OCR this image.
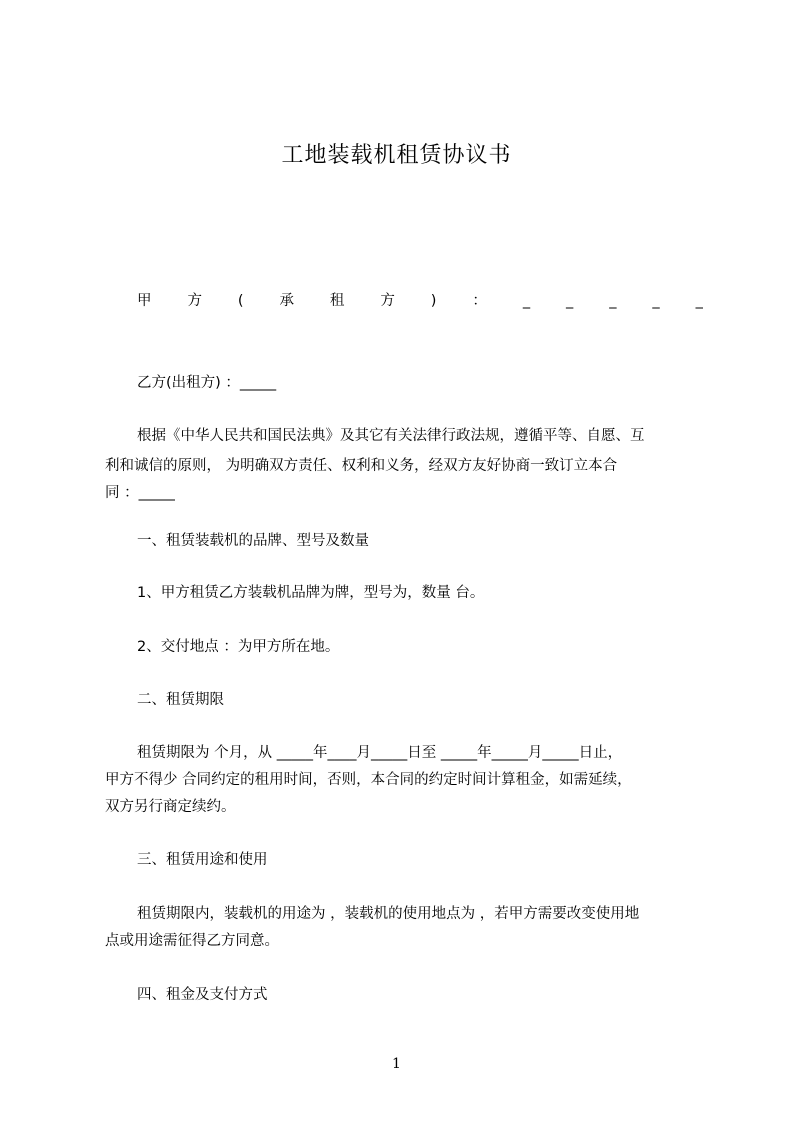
工地装载机租赁协议书
甲 方 ( 承 租 方 ) ： _ _ _ _ _
乙方(出租方) ：_____
根据《中华人民共和国民法典》及其它有关法律行政法规，遵循平等、自愿、互
利和诚信的原则， 为明确双方责任、权利和义务，经双方友好协商一致订立本合
同 ：_____
一、租赁装载机的品牌、型号及数量
1、甲方租赁乙方装载机品牌为牌，型号为，数量 台。
2、交付地点 ：为甲方所在地。
二、租赁期限
租赁期限为 个月，从 _____年____月_____日至 _____年_____月_____日止，
甲方不得少 合同约定的租用时间，否则，本合同的约定时间计算租金，如需延续，
双方另行商定续约。
三、租赁用途和使用
租赁期限内，装载机的用途为 ，装载机的使用地点为 ，若甲方需要改变使用地
点或用途需征得乙方同意。
四、租金及支付方式
1
